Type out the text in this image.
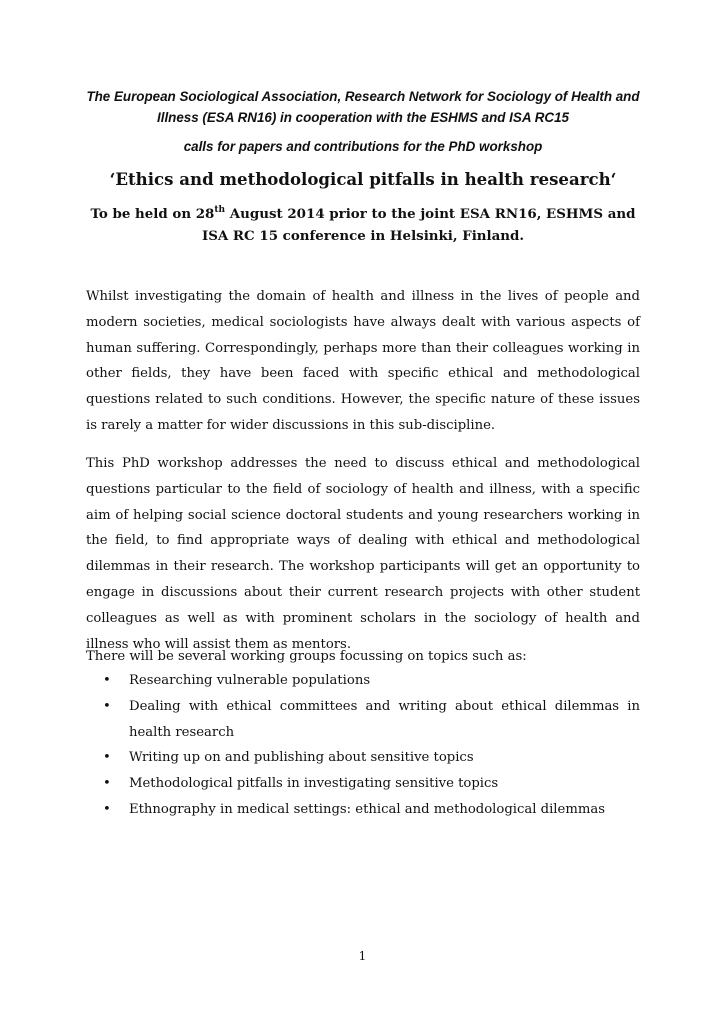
The European Sociological Association, Research Network for Sociology of Health and Illness (ESA RN16) in cooperation with the ESHMS and ISA RC15
calls for papers and contributions for the PhD workshop
‘Ethics and methodological pitfalls in health research‘
To be held on 28th August 2014 prior to the joint ESA RN16, ESHMS and ISA RC 15 conference in Helsinki, Finland.
Whilst investigating the domain of health and illness in the lives of people and modern societies, medical sociologists have always dealt with various aspects of human suffering. Correspondingly, perhaps more than their colleagues working in other fields, they have been faced with specific ethical and methodological questions related to such conditions. However, the specific nature of these issues is rarely a matter for wider discussions in this sub-discipline.
This PhD workshop addresses the need to discuss ethical and methodological questions particular to the field of sociology of health and illness, with a specific aim of helping social science doctoral students and young researchers working in the field, to find appropriate ways of dealing with ethical and methodological dilemmas in their research. The workshop participants will get an opportunity to engage in discussions about their current research projects with other student colleagues as well as with prominent scholars in the sociology of health and illness who will assist them as mentors.
There will be several working groups focussing on topics such as:
• Researching vulnerable populations
• Dealing with ethical committees and writing about ethical dilemmas in health research
• Writing up on and publishing about sensitive topics
• Methodological pitfalls in investigating sensitive topics
• Ethnography in medical settings: ethical and methodological dilemmas
1
